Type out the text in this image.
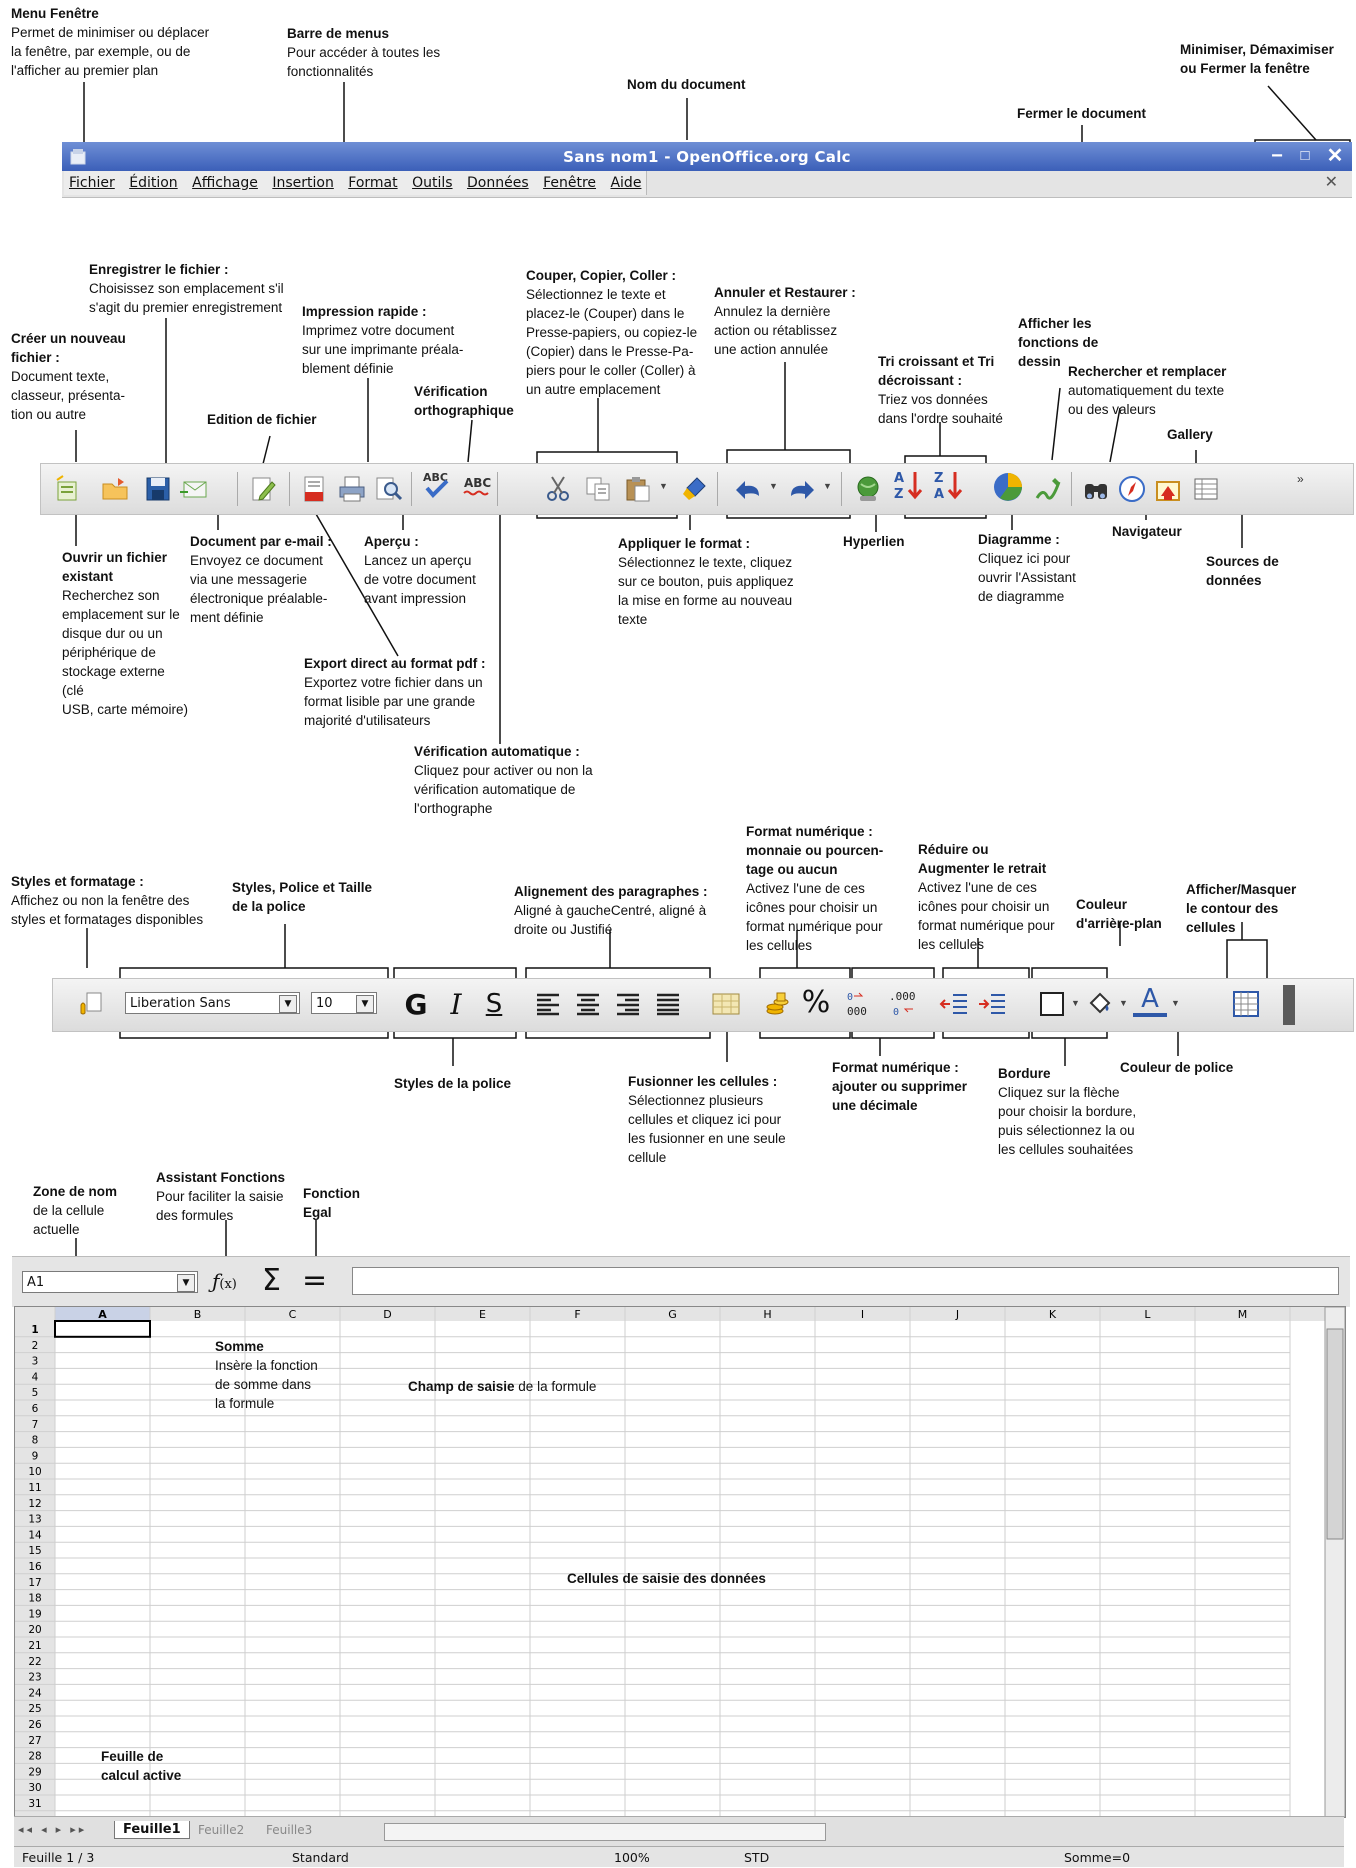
Menu Fenêtre
Permet de minimiser ou déplacer
la fenêtre, par exemple, ou de
l'afficher au premier plan
Barre de menus
Pour accéder à toutes les
fonctionnalités
Nom du document
Minimiser, Démaximiser
ou Fermer la fenêtre
Fermer le document
Sans nom1 - OpenOffice.org Calc	−	□ ✕
Fichier Édition Affichage Insertion Format Outils Données Fenêtre Aide	✕
Enregistrer le fichier :
Choisissez son emplacement s'il
s'agit du premier enregistrement
Créer un nouveau fichier :
Document texte,
classeur, présenta-
tion ou autre	Edition de fichier
Impression rapide :
Imprimez votre document
sur une imprimante préala-
blement définie
Vérification orthographique
Couper, Copier, Coller :
Sélectionnez le texte et
placez-le (Couper) dans le
Presse-papiers, ou copiez-le
(Copier) dans le Presse-Pa-
piers pour le coller (Coller) à
un autre emplacement
Annuler et Restaurer :
Annulez la dernière
action ou rétablissez
une action annulée
Tri croissant et Tri décroissant :
Triez vos données
dans l'ordre souhaité
Afficher les fonctions de dessin
Rechercher et remplacer
automatiquement du texte
ou des valeurs
Gallery
ABC ABC	▼	▼	▼	A
Z
Z
A
»
Ouvrir un fichier existant
Recherchez son
emplacement sur le
disque dur ou un
périphérique de
stockage externe (clé
USB, carte mémoire)
Document par e-mail :
Envoyez ce document
via une messagerie
électronique préalable-
ment définie
Aperçu :
Lancez un aperçu
de votre document
avant impression
Appliquer le format :
Sélectionnez le texte, cliquez
sur ce bouton, puis appliquez
la mise en forme au nouveau
texte
Hyperlien	Diagramme :
Cliquez ici pour
ouvrir l'Assistant
de diagramme
Navigateur
Sources de données
Export direct au format pdf :
Exportez votre fichier dans un
format lisible par une grande
majorité d'utilisateurs
Vérification automatique :
Cliquez pour activer ou non la
vérification automatique de
l'orthographe
Styles et formatage :
Affichez ou non la fenêtre des
styles et formatages disponibles
Styles, Police et Taille de la police
Alignement des paragraphes :
Aligné à gaucheCentré, aligné à
droite ou Justifié
Format numérique : monnaie ou pourcen-tage ou aucun
Activez l'une de ces
icônes pour choisir un
format numérique pour
les cellules
Réduire ou Augmenter le retrait
Activez l'une de ces
icônes pour choisir un
format numérique pour
les cellules
Couleur d'arrière-plan
Afficher/Masquer le contour des cellules
Liberation Sans	▼	10	▼ G I S	% 0
000
.000
0
▼	▼ A	▼
Styles de la police	Fusionner les cellules :
Sélectionnez plusieurs
cellules et cliquez ici pour
les fusionner en une seule
cellule
Format numérique : ajouter ou supprimer une décimale
Bordure
Cliquez sur la flèche
pour choisir la bordure,
puis sélectionnez la ou
les cellules souhaitées
Couleur de police
Zone de nom
de la cellule
actuelle
Assistant Fonctions
Pour faciliter la saisie
des formules
Fonction Egal
A1	▼ ƒ(x) Σ =
A	B	C	D	E	F	G	H	I	J	K	L	M
1
2
3
4
5
6
7
8
9
10
11
12
13
14
15
16
17
18
19
20
21
22
23
24
25
26
27
28
29
30
31
Somme
Insère la fonction
de somme dans
la formule
Champ de saisie de la formule
Cellules de saisie des données
Feuille de calcul active
◂◂ ◂ ▸ ▸▸	Feuille1	Feuille2	Feuille3
Feuille 1 / 3	Standard	100%	STD	Somme=0
